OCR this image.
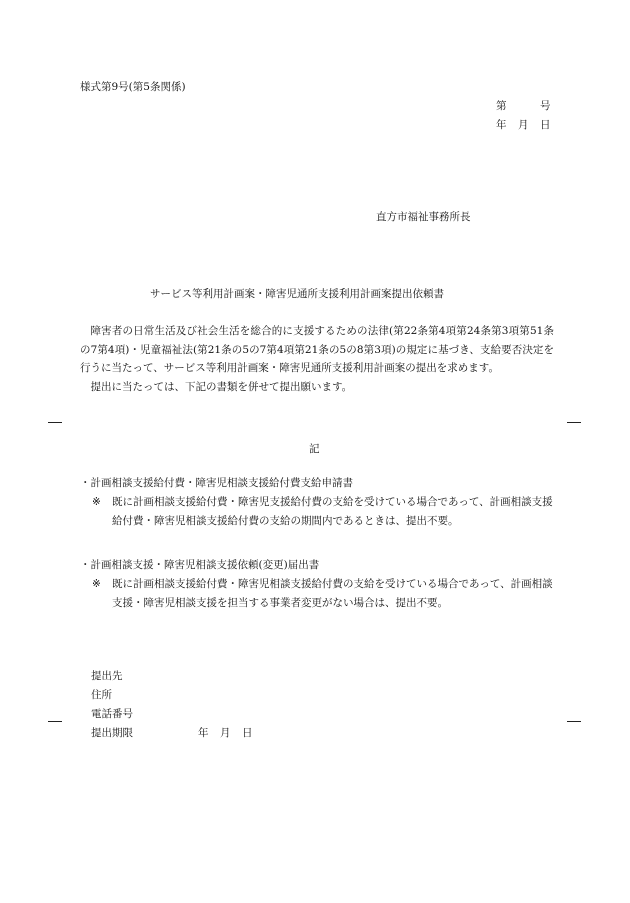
様式第9号(第5条関係)
第	号
年 月 日
直方市福祉事務所長
サービス等利用計画案・障害児通所支援利用計画案提出依頼書

障害者の日常生活及び社会生活を総合的に支援するための法律(第22条第4項第24条第3項第51条の7第4項)・児童福祉法(第21条の5の7第4項第21条の5の8第3項)の規定に基づき、支給要否決定を行うに当たって、サービス等利用計画案・障害児通所支援利用計画案の提出を求めます。

提出に当たっては、下記の書類を併せて提出願います。

記
・計画相談支援給付費・障害児相談支援給付費支給申請書
※ 既に計画相談支援給付費・障害児支援給付費の支給を受けている場合であって、計画相談支援給付費・障害児相談支援給付費の支給の期間内であるときは、提出不要。
・計画相談支援・障害児相談支援依頼(変更)届出書
※ 既に計画相談支援給付費・障害児相談支援給付費の支給を受けている場合であって、計画相談支援・障害児相談支援を担当する事業者変更がない場合は、提出不要。
提出先
住所
電話番号
提出期限	年 月 日
